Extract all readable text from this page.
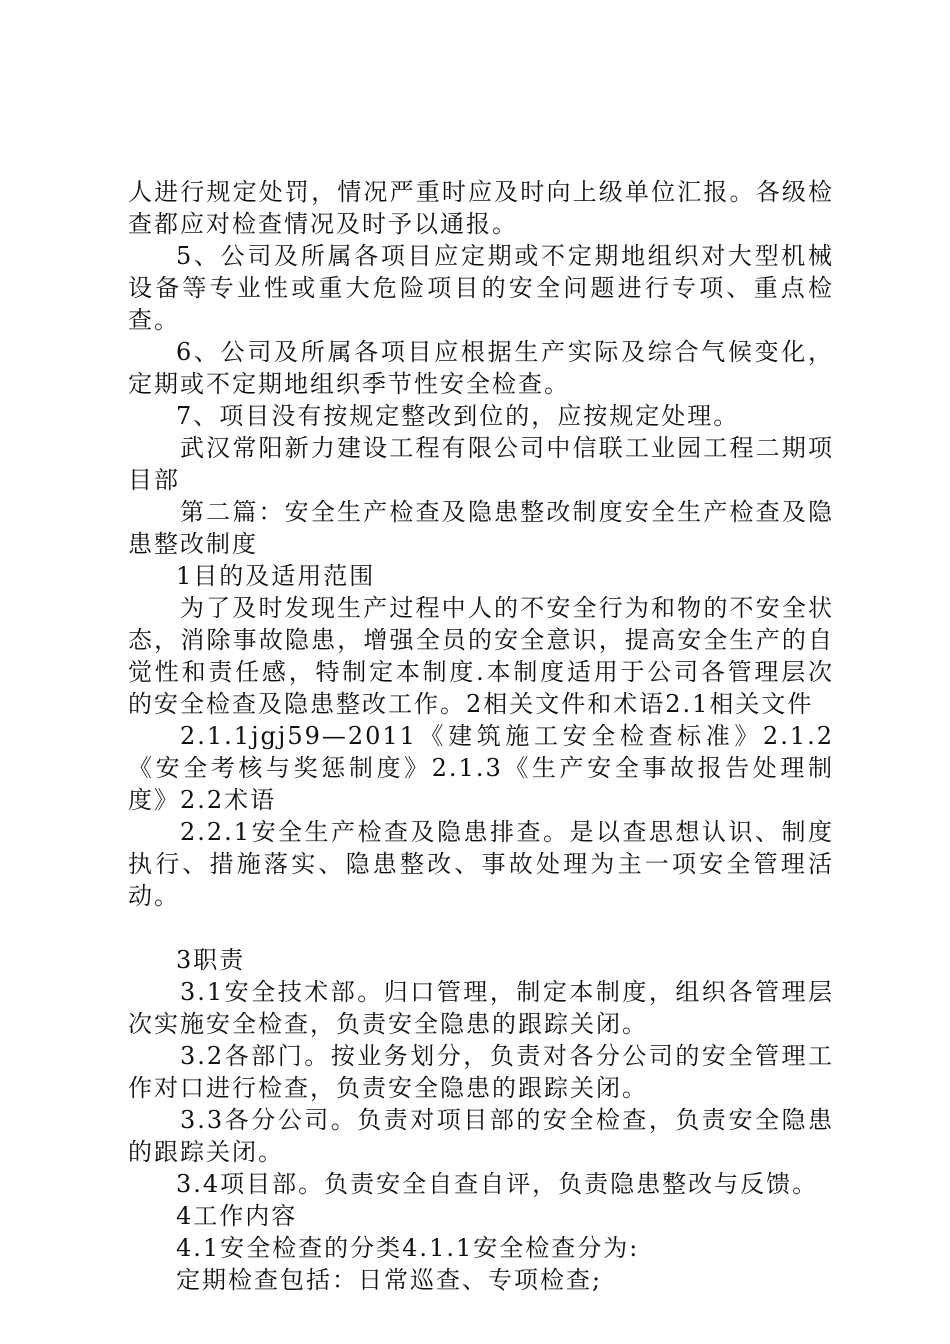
人进行规定处罚，情况严重时应及时向上级单位汇报。各级检查都应对检查情况及时予以通报。

5、公司及所属各项目应定期或不定期地组织对大型机械设备等专业性或重大危险项目的安全问题进行专项、重点检查。

6、公司及所属各项目应根据生产实际及综合气候变化，定期或不定期地组织季节性安全检查。

7、项目没有按规定整改到位的，应按规定处理。

武汉常阳新力建设工程有限公司中信联工业园工程二期项目部

第二篇：安全生产检查及隐患整改制度安全生产检查及隐患整改制度

1目的及适用范围

为了及时发现生产过程中人的不安全行为和物的不安全状态，消除事故隐患，增强全员的安全意识，提高安全生产的自觉性和责任感，特制定本制度.本制度适用于公司各管理层次的安全检查及隐患整改工作。2相关文件和术语2.1相关文件

2.1.1jgj59—2011《建筑施工安全检查标准》2.1.2《安全考核与奖惩制度》2.1.3《生产安全事故报告处理制度》2.2术语

2.2.1安全生产检查及隐患排查。是以查思想认识、制度执行、措施落实、隐患整改、事故处理为主一项安全管理活动。

3职责

3.1安全技术部。归口管理，制定本制度，组织各管理层次实施安全检查，负责安全隐患的跟踪关闭。

3.2各部门。按业务划分，负责对各分公司的安全管理工作对口进行检查，负责安全隐患的跟踪关闭。

3.3各分公司。负责对项目部的安全检查，负责安全隐患的跟踪关闭。

3.4项目部。负责安全自查自评，负责隐患整改与反馈。

4工作内容

4.1安全检查的分类4.1.1安全检查分为:

定期检查包括：日常巡查、专项检查;
